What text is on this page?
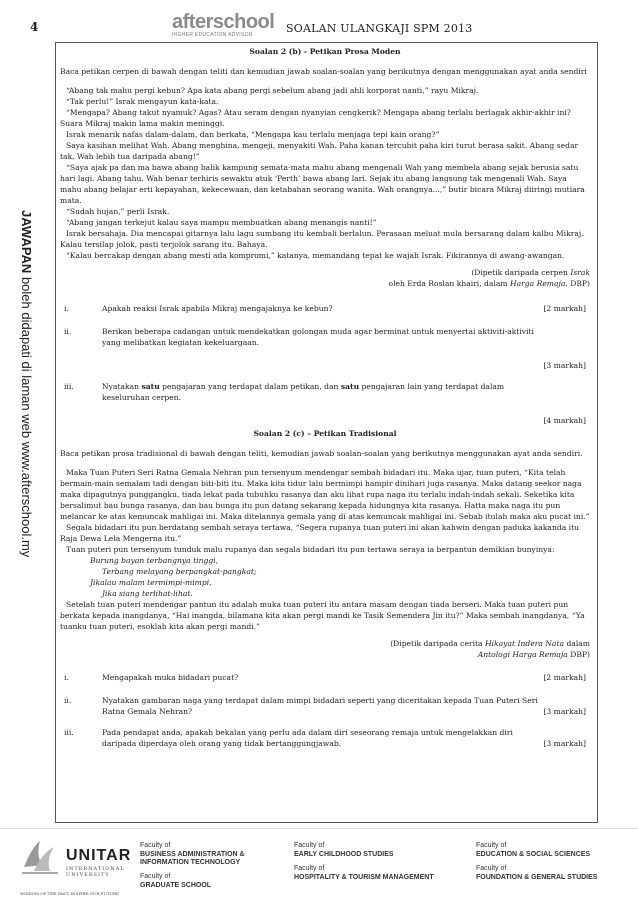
4	afterschool
HIGHER EDUCATION ADVISOR	SOALAN ULANGKAJI SPM 2013
JAWAPAN boleh didapati di laman web www.afterschool.my
Soalan 2 (b) - Petikan Prosa Moden
Baca petikan cerpen di bawah dengan teliti dan kemudian jawab soalan-soalan yang berikutnya dengan menggunakan ayat anda sendiri

“Abang tak mahu pergi kebun? Apa kata abang pergi sebelum abang jadi ahli korporat nanti,” rayu Mikraj.

“Tak perlu!” Israk mengayun kata-kata.

“Mengapa? Abang takut nyamuk? Agas? Atau seram dengan nyanyian cengkerik? Mengapa abang terlalu berlagak akhir-akhir ini? Suara Mikraj makin lama makin meninggi.

Israk menarik nafas dalam-dalam, dan berkata, “Mengapa kau terlalu menjaga tepi kain orang?”

Saya kasihan melihat Wah. Abang menghina, mengeji, menyakiti Wah. Paha kanan tercubit paha kiri turut berasa sakit. Abang sedar tak, Wah lebih tua daripada abang!”

“Saya ajak pa dan ma bawa abang balik kampung semata-mata mahu abang mengenali Wah yang membela abang sejak berusia satu hari lagi. Abang tahu, Wah benar terhiris sewaktu atuk ‘Perth’ bawa abang lari. Sejak itu abang langsung tak mengenali Wah. Saya mahu abang belajar erti kepayahan, kekecewaan, dan ketabahan seorang wanita. Wah orangnya...,” butir bicara Mikraj diiringi mutiara mata.

“Sudah hujan,” perli Israk.

“Abang jangan terkejut kalau saya mampu membuatkan abang menangis nanti!”

Israk bersahaja. Dia mencapai gitarnya lalu lagu sumbang itu kembali berlalun. Perasaan meluat mula bersarang dalam kalbu Mikraj. Kalau tersilap jolok, pasti terjolok sarang itu. Bahaya.

“Kalau bercakap dengan abang mesti ada kompromi,” katanya, memandang tepat ke wajah Israk. Fikirannya di awang-awangan.

(Dipetik daripada cerpen Israk
oleh Erda Roslan khairi, dalam Harga Remaja, DBP)
i.	Apakah reaksi Israk apabila Mikraj mengajaknya ke kebun?	[2 markah]
ii.	Berikan beberapa cadangan untuk mendekatkan golongan muda agar berminat untuk menyertai aktiviti-aktiviti yang melibatkan kegiatan kekeluargaan.
[3 markah]
iii.	Nyatakan satu pengajaran yang terdapat dalam petikan, dan satu pengajaran lain yang terdapat dalam keseluruhan cerpen.
[4 markah]
Soalan 2 (c) – Petikan Tradisional
Baca petikan prosa tradisional di bawah dengan teliti, kemudian jawab soalan-soalan yang berikutnya menggunakan ayat anda sendiri.

Maka Tuan Puteri Seri Ratna Gemala Nehran pun tersenyum mendengar sembah bidadari itu. Maka ujar, tuan puteri, “Kita telah bermain-main semalam tadi dengan biti-biti itu. Maka kita tidur lalu bermimpi hampir dinihari juga rasanya. Maka datang seekor naga maka dipagutnya punggangku, tiada lekat pada tubuhku rasanya dan aku lihat rupa naga itu terlalu indah-indah sekali. Seketika kita bersalimut bau bunga rasanya, dan bau bunga itu pun datang sekarang kepada hidungnya kita rasanya. Hatta maka naga itu pun melancar ke atas kemuncak mahligai ini. Maka ditelannya gemala yang di atas kemuncak mahligai ini. Sebab itulah maka aku pucat ini.”

Segala bidadari itu pun berdatang sembah seraya tertawa, “Segera rupanya tuan puteri ini akan kahwin dengan paduka kakanda itu Raja Dewa Lela Mengerna itu.”

Tuan puteri pun tersenyum tunduk malu rupanya dan segala bidadari itu pun tertawa seraya ia berpantun demikian bunyinya:

Burung bayan terbangnya tinggi,
Terbang melayang berpangkat-pangkat;
Jikalau malam termimpi-mimpi,
Jika siang terlihat-lihat.

Setelah tuan puteri mendengar pantun itu adalah muka tuan puteri itu antara masam dengan tiada berseri. Maka tuan puteri pun berkata kepada inangdanya, “Hai inangda, bilamana kita akan pergi mandi ke Tasik Semendera Jin itu?” Maka sembah inangdanya, “Ya tuanku tuan puteri, esoklah kita akan pergi mandi.”

(Dipetik daripada cerita Hikayat Indera Nata dalam
Antologi Harga Remaja DBP)
i.	Mengapakah muka bidadari pucat?	[2 markah]
ii.	Nyatakan gambaran naga yang terdapat dalam mimpi bidadari seperti yang diceritakan kepada Tuan Puteri Seri Ratna Gemala Nehran?	[3 markah]
iii.	Pada pendapat anda, apakah bekalan yang perlu ada dalam diri seseorang remaja untuk mengelakkan diri daripada diperdaya oleh orang yang tidak bertanggungjawab.	[3 markah]
UNITAR
INTERNATIONAL UNIVERSITY
WISDOM OF THE PAST, INSPIRE OUR FUTURE
Faculty of
BUSINESS ADMINISTRATION & INFORMATION TECHNOLOGY
Faculty of
GRADUATE SCHOOL
Faculty of
EARLY CHILDHOOD STUDIES
Faculty of
HOSPITALITY & TOURISM MANAGEMENT
Faculty of
EDUCATION & SOCIAL SCIENCES
Faculty of
FOUNDATION & GENERAL STUDIES
